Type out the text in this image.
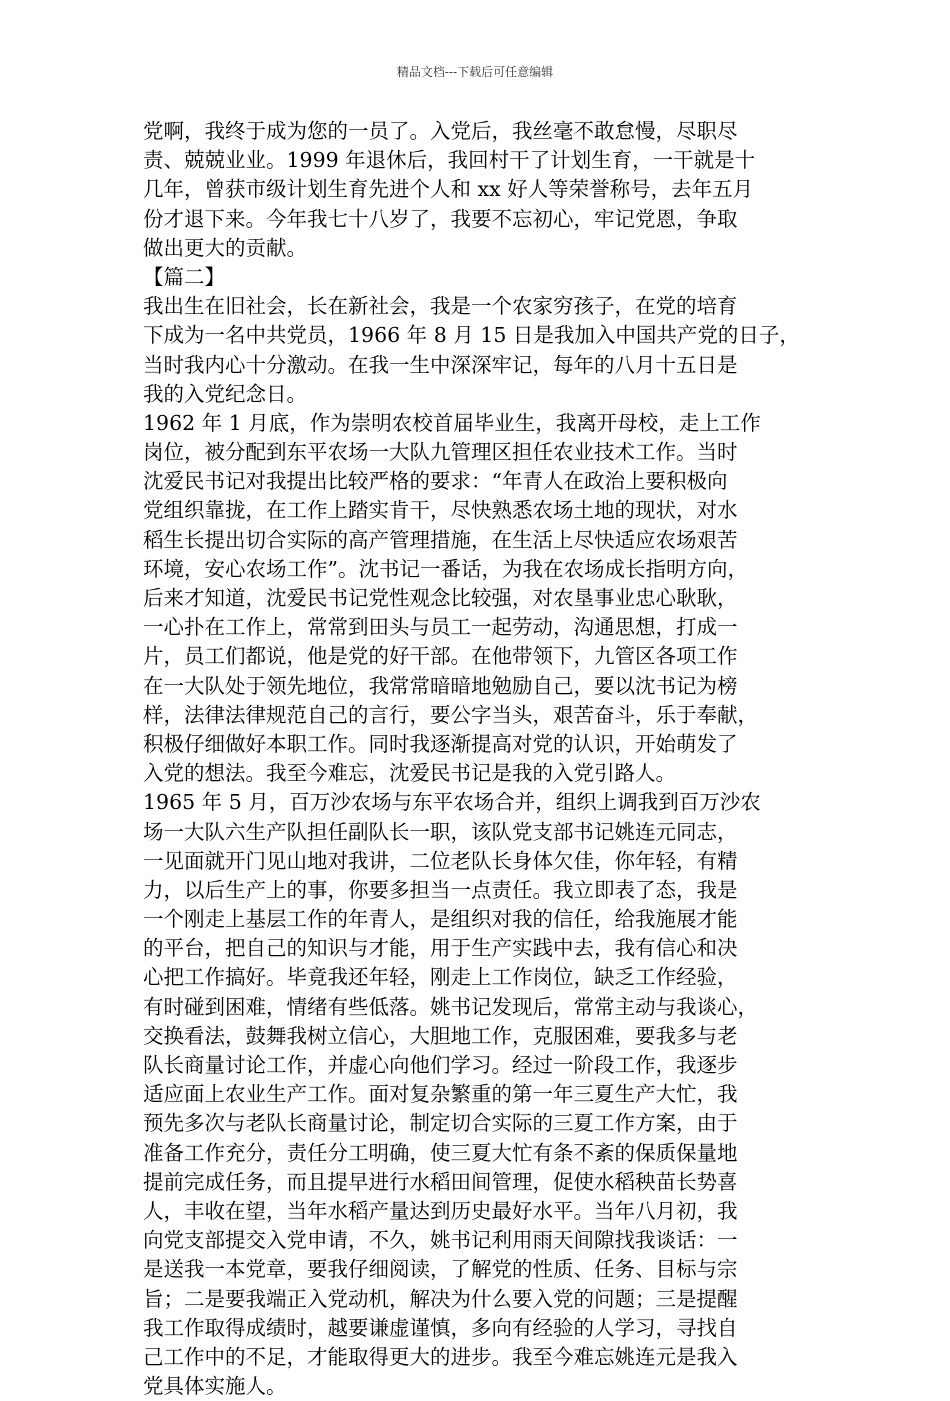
精品文档---下载后可任意编辑
党啊，我终于成为您的一员了。入党后，我丝毫不敢怠慢，尽职尽
责、兢兢业业。1999 年退休后，我回村干了计划生育，一干就是十
几年，曾获市级计划生育先进个人和 xx 好人等荣誉称号，去年五月
份才退下来。今年我七十八岁了，我要不忘初心，牢记党恩，争取
做出更大的贡献。
【篇二】
我出生在旧社会，长在新社会，我是一个农家穷孩子，在党的培育
下成为一名中共党员，1966 年 8 月 15 日是我加入中国共产党的日子，
当时我内心十分激动。在我一生中深深牢记，每年的八月十五日是
我的入党纪念日。
1962 年 1 月底，作为崇明农校首届毕业生，我离开母校，走上工作
岗位，被分配到东平农场一大队九管理区担任农业技术工作。当时
沈爱民书记对我提出比较严格的要求：“年青人在政治上要积极向
党组织靠拢，在工作上踏实肯干，尽快熟悉农场土地的现状，对水
稻生长提出切合实际的高产管理措施，在生活上尽快适应农场艰苦
环境，安心农场工作”。沈书记一番话，为我在农场成长指明方向，
后来才知道，沈爱民书记党性观念比较强，对农垦事业忠心耿耿，
一心扑在工作上，常常到田头与员工一起劳动，沟通思想，打成一
片，员工们都说，他是党的好干部。在他带领下，九管区各项工作
在一大队处于领先地位，我常常暗暗地勉励自己，要以沈书记为榜
样，法律法律规范自己的言行，要公字当头，艰苦奋斗，乐于奉献，
积极仔细做好本职工作。同时我逐渐提高对党的认识，开始萌发了
入党的想法。我至今难忘，沈爱民书记是我的入党引路人。
1965 年 5 月，百万沙农场与东平农场合并，组织上调我到百万沙农
场一大队六生产队担任副队长一职，该队党支部书记姚连元同志，
一见面就开门见山地对我讲，二位老队长身体欠佳，你年轻，有精
力，以后生产上的事，你要多担当一点责任。我立即表了态，我是
一个刚走上基层工作的年青人，是组织对我的信任，给我施展才能
的平台，把自己的知识与才能，用于生产实践中去，我有信心和决
心把工作搞好。毕竟我还年轻，刚走上工作岗位，缺乏工作经验，
有时碰到困难，情绪有些低落。姚书记发现后，常常主动与我谈心，
交换看法，鼓舞我树立信心，大胆地工作，克服困难，要我多与老
队长商量讨论工作，并虚心向他们学习。经过一阶段工作，我逐步
适应面上农业生产工作。面对复杂繁重的第一年三夏生产大忙，我
预先多次与老队长商量讨论，制定切合实际的三夏工作方案，由于
准备工作充分，责任分工明确，使三夏大忙有条不紊的保质保量地
提前完成任务，而且提早进行水稻田间管理，促使水稻秧苗长势喜
人，丰收在望，当年水稻产量达到历史最好水平。当年八月初，我
向党支部提交入党申请，不久，姚书记利用雨天间隙找我谈话：一
是送我一本党章，要我仔细阅读，了解党的性质、任务、目标与宗
旨；二是要我端正入党动机，解决为什么要入党的问题；三是提醒
我工作取得成绩时，越要谦虚谨慎，多向有经验的人学习，寻找自
己工作中的不足，才能取得更大的进步。我至今难忘姚连元是我入
党具体实施人。
